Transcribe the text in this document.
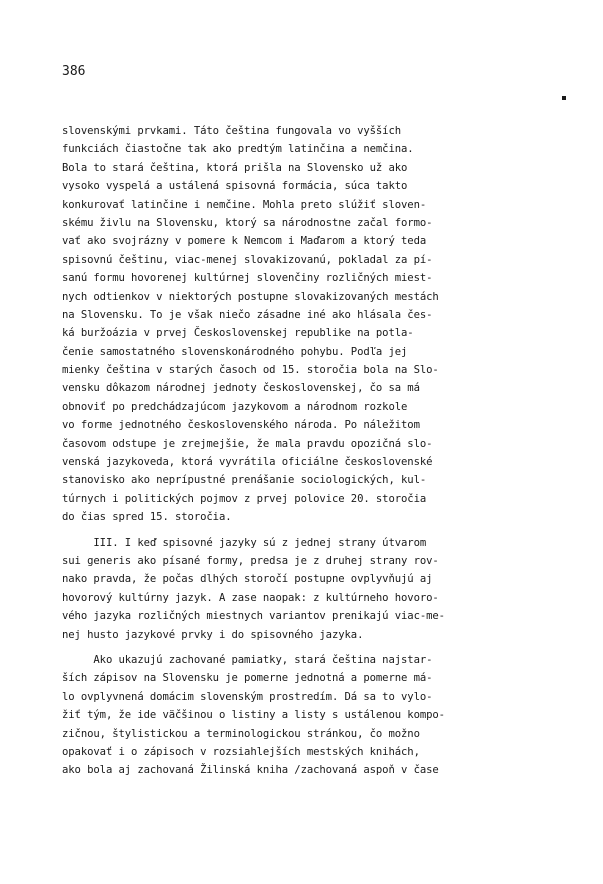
386
slovenskými prvkami. Táto čeština fungovala vo vyšších
funkciách čiastočne tak ako predtým latinčina a nemčina.
Bola to stará čeština, ktorá prišla na Slovensko už ako
vysoko vyspelá a ustálená spisovná formácia, súca takto
konkurovať latinčine i nemčine. Mohla preto slúžiť sloven-
skému živlu na Slovensku, ktorý sa národnostne začal formo-
vať ako svojrázny v pomere k Nemcom i Maďarom a ktorý teda
spisovnú češtinu, viac-menej slovakizovanú, pokladal za pí-
sanú formu hovorenej kultúrnej slovenčiny rozličných miest-
nych odtienkov v niektorých postupne slovakizovaných mestách
na Slovensku. To je však niečo zásadne iné ako hlásala čes-
ká buržoázia v prvej Československej republike na potla-
čenie samostatného slovenskonárodného pohybu. Podľa jej
mienky čeština v starých časoch od 15. storočia bola na Slo-
vensku dôkazom národnej jednoty československej, čo sa má
obnoviť po predchádzajúcom jazykovom a národnom rozkole
vo forme jednotného československého národa. Po náležitom
časovom odstupe je zrejmejšie, že mala pravdu opozičná slo-
venská jazykoveda, ktorá vyvrátila oficiálne československé
stanovisko ako neprípustné prenášanie sociologických, kul-
túrnych i politických pojmov z prvej polovice 20. storočia
do čias spred 15. storočia.
III. I keď spisovné jazyky sú z jednej strany útvarom
sui generis ako písané formy, predsa je z druhej strany rov-
nako pravda, že počas dlhých storočí postupne ovplyvňujú aj
hovorový kultúrny jazyk. A zase naopak: z kultúrneho hovoro-
vého jazyka rozličných miestnych variantov prenikajú viac-me-
nej husto jazykové prvky i do spisovného jazyka.
Ako ukazujú zachované pamiatky, stará čeština najstar-
ších zápisov na Slovensku je pomerne jednotná a pomerne má-
lo ovplyvnená domácim slovenským prostredím. Dá sa to vylo-
žiť tým, že ide väčšinou o listiny a listy s ustálenou kompo-
zičnou, štylistickou a terminologickou stránkou, čo možno
opakovať i o zápisoch v rozsiahlejších mestských knihách,
ako bola aj zachovaná Žilinská kniha /zachovaná aspoň v čase
